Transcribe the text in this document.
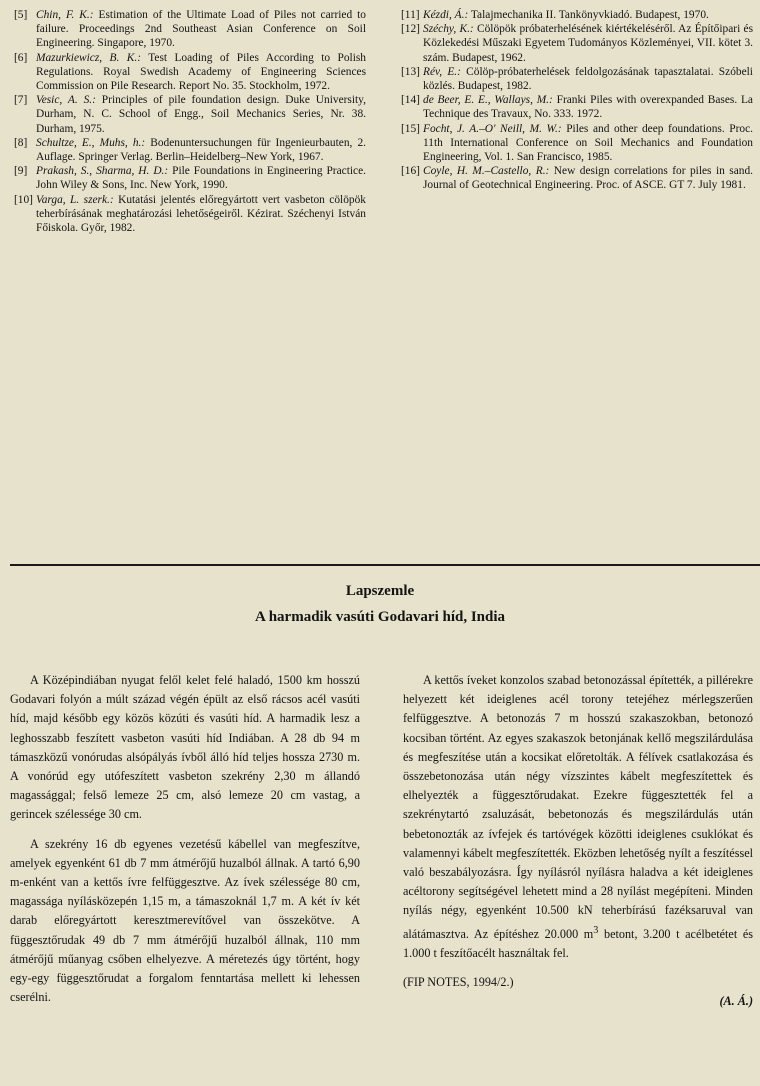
[5] Chin, F. K.: Estimation of the Ultimate Load of Piles not carried to failure. Proceedings 2nd Southeast Asian Conference on Soil Engineering. Singapore, 1970.
[6] Mazurkiewicz, B. K.: Test Loading of Piles According to Polish Regulations. Royal Swedish Academy of Engineering Sciences Commission on Pile Research. Report No. 35. Stockholm, 1972.
[7] Vesic, A. S.: Principles of pile foundation design. Duke University, Durham, N. C. School of Engg., Soil Mechanics Series, Nr. 38. Durham, 1975.
[8] Schultze, E., Muhs, h.: Bodenuntersuchungen für Ingenieurbauten, 2. Auflage. Springer Verlag. Berlin–Heidelberg–New York, 1967.
[9] Prakash, S., Sharma, H. D.: Pile Foundations in Engineering Practice. John Wiley & Sons, Inc. New York, 1990.
[10] Varga, L. szerk.: Kutatási jelentés előregyártott vert vasbeton cölöpök teherbírásának meghatározási lehetőségeiről. Kézirat. Széchenyi István Főiskola. Győr, 1982.
[11] Kézdi, Á.: Talajmechanika II. Tankönyvkiadó. Budapest, 1970.
[12] Széchy, K.: Cölöpök próbaterhelésének kiértékeléséről. Az Építőipari és Közlekedési Műszaki Egyetem Tudományos Közleményei, VII. kötet 3. szám. Budapest, 1962.
[13] Rév, E.: Cölöp-próbaterhelések feldolgozásának tapasztalatai. Szóbeli közlés. Budapest, 1982.
[14] de Beer, E. E., Wallays, M.: Franki Piles with overexpanded Bases. La Technique des Travaux, No. 333. 1972.
[15] Focht, J. A.–O' Neill, M. W.: Piles and other deep foundations. Proc. 11th International Conference on Soil Mechanics and Foundation Engineering, Vol. 1. San Francisco, 1985.
[16] Coyle, H. M.–Castello, R.: New design correlations for piles in sand. Journal of Geotechnical Engineering. Proc. of ASCE. GT 7. July 1981.
Lapszemle
A harmadik vasúti Godavari híd, India

A Középindiában nyugat felől kelet felé haladó, 1500 km hosszú Godavari folyón a múlt század végén épült az első rácsos acél vasúti híd, majd később egy közös közúti és vasúti híd. A harmadik lesz a leghosszabb feszített vasbeton vasúti híd Indiában. A 28 db 94 m támaszközű vonórudas alsópályás ívből álló híd teljes hossza 2730 m. A vonórúd egy utófeszített vasbeton szekrény 2,30 m állandó magassággal; felső lemeze 25 cm, alsó lemeze 20 cm vastag, a gerincek szélessége 30 cm.

A szekrény 16 db egyenes vezetésű kábellel van megfeszítve, amelyek egyenként 61 db 7 mm átmérőjű huzalból állnak. A tartó 6,90 m-enként van a kettős ívre felfüggesztve. Az ívek szélessége 80 cm, magassága nyílásközepén 1,15 m, a támaszoknál 1,7 m. A két ív két darab előregyártott keresztmerevítővel van összekötve. A függesztőrudak 49 db 7 mm átmérőjű huzalból állnak, 110 mm átmérőjű műanyag csőben elhelyezve. A méretezés úgy történt, hogy egy-egy függesztőrudat a forgalom fenntartása mellett ki lehessen cserélni.

A kettős íveket konzolos szabad betonozással építették, a pillérekre helyezett két ideiglenes acél torony tetejéhez mérlegszerűen felfüggesztve. A betonozás 7 m hosszú szakaszokban, betonozó kocsiban történt. Az egyes szakaszok betonjának kellő megszilárdulása és megfeszítése után a kocsikat előretolták. A félívek csatlakozása és összebetonozása után négy vízszintes kábelt megfeszítettek és elhelyezték a függesztőrudakat. Ezekre függesztették fel a szekrénytartó zsaluzását, bebetonozás és megszilárdulás után bebetonozták az ívfejek és tartóvégek közötti ideiglenes csuklókat és valamennyi kábelt megfeszítették. Eközben lehetőség nyílt a feszítéssel való beszabályozásra. Így nyílásról nyílásra haladva a két ideiglenes acéltorony segítségével lehetett mind a 28 nyílást megépíteni. Minden nyílás négy, egyenként 10.500 kN teherbírású fazéksaruval van alátámasztva. Az építéshez 20.000 $m^3$ betont, 3.200 t acélbetétet és 1.000 t feszítőacélt használtak fel.

(FIP NOTES, 1994/2.)

(A. Á.)
